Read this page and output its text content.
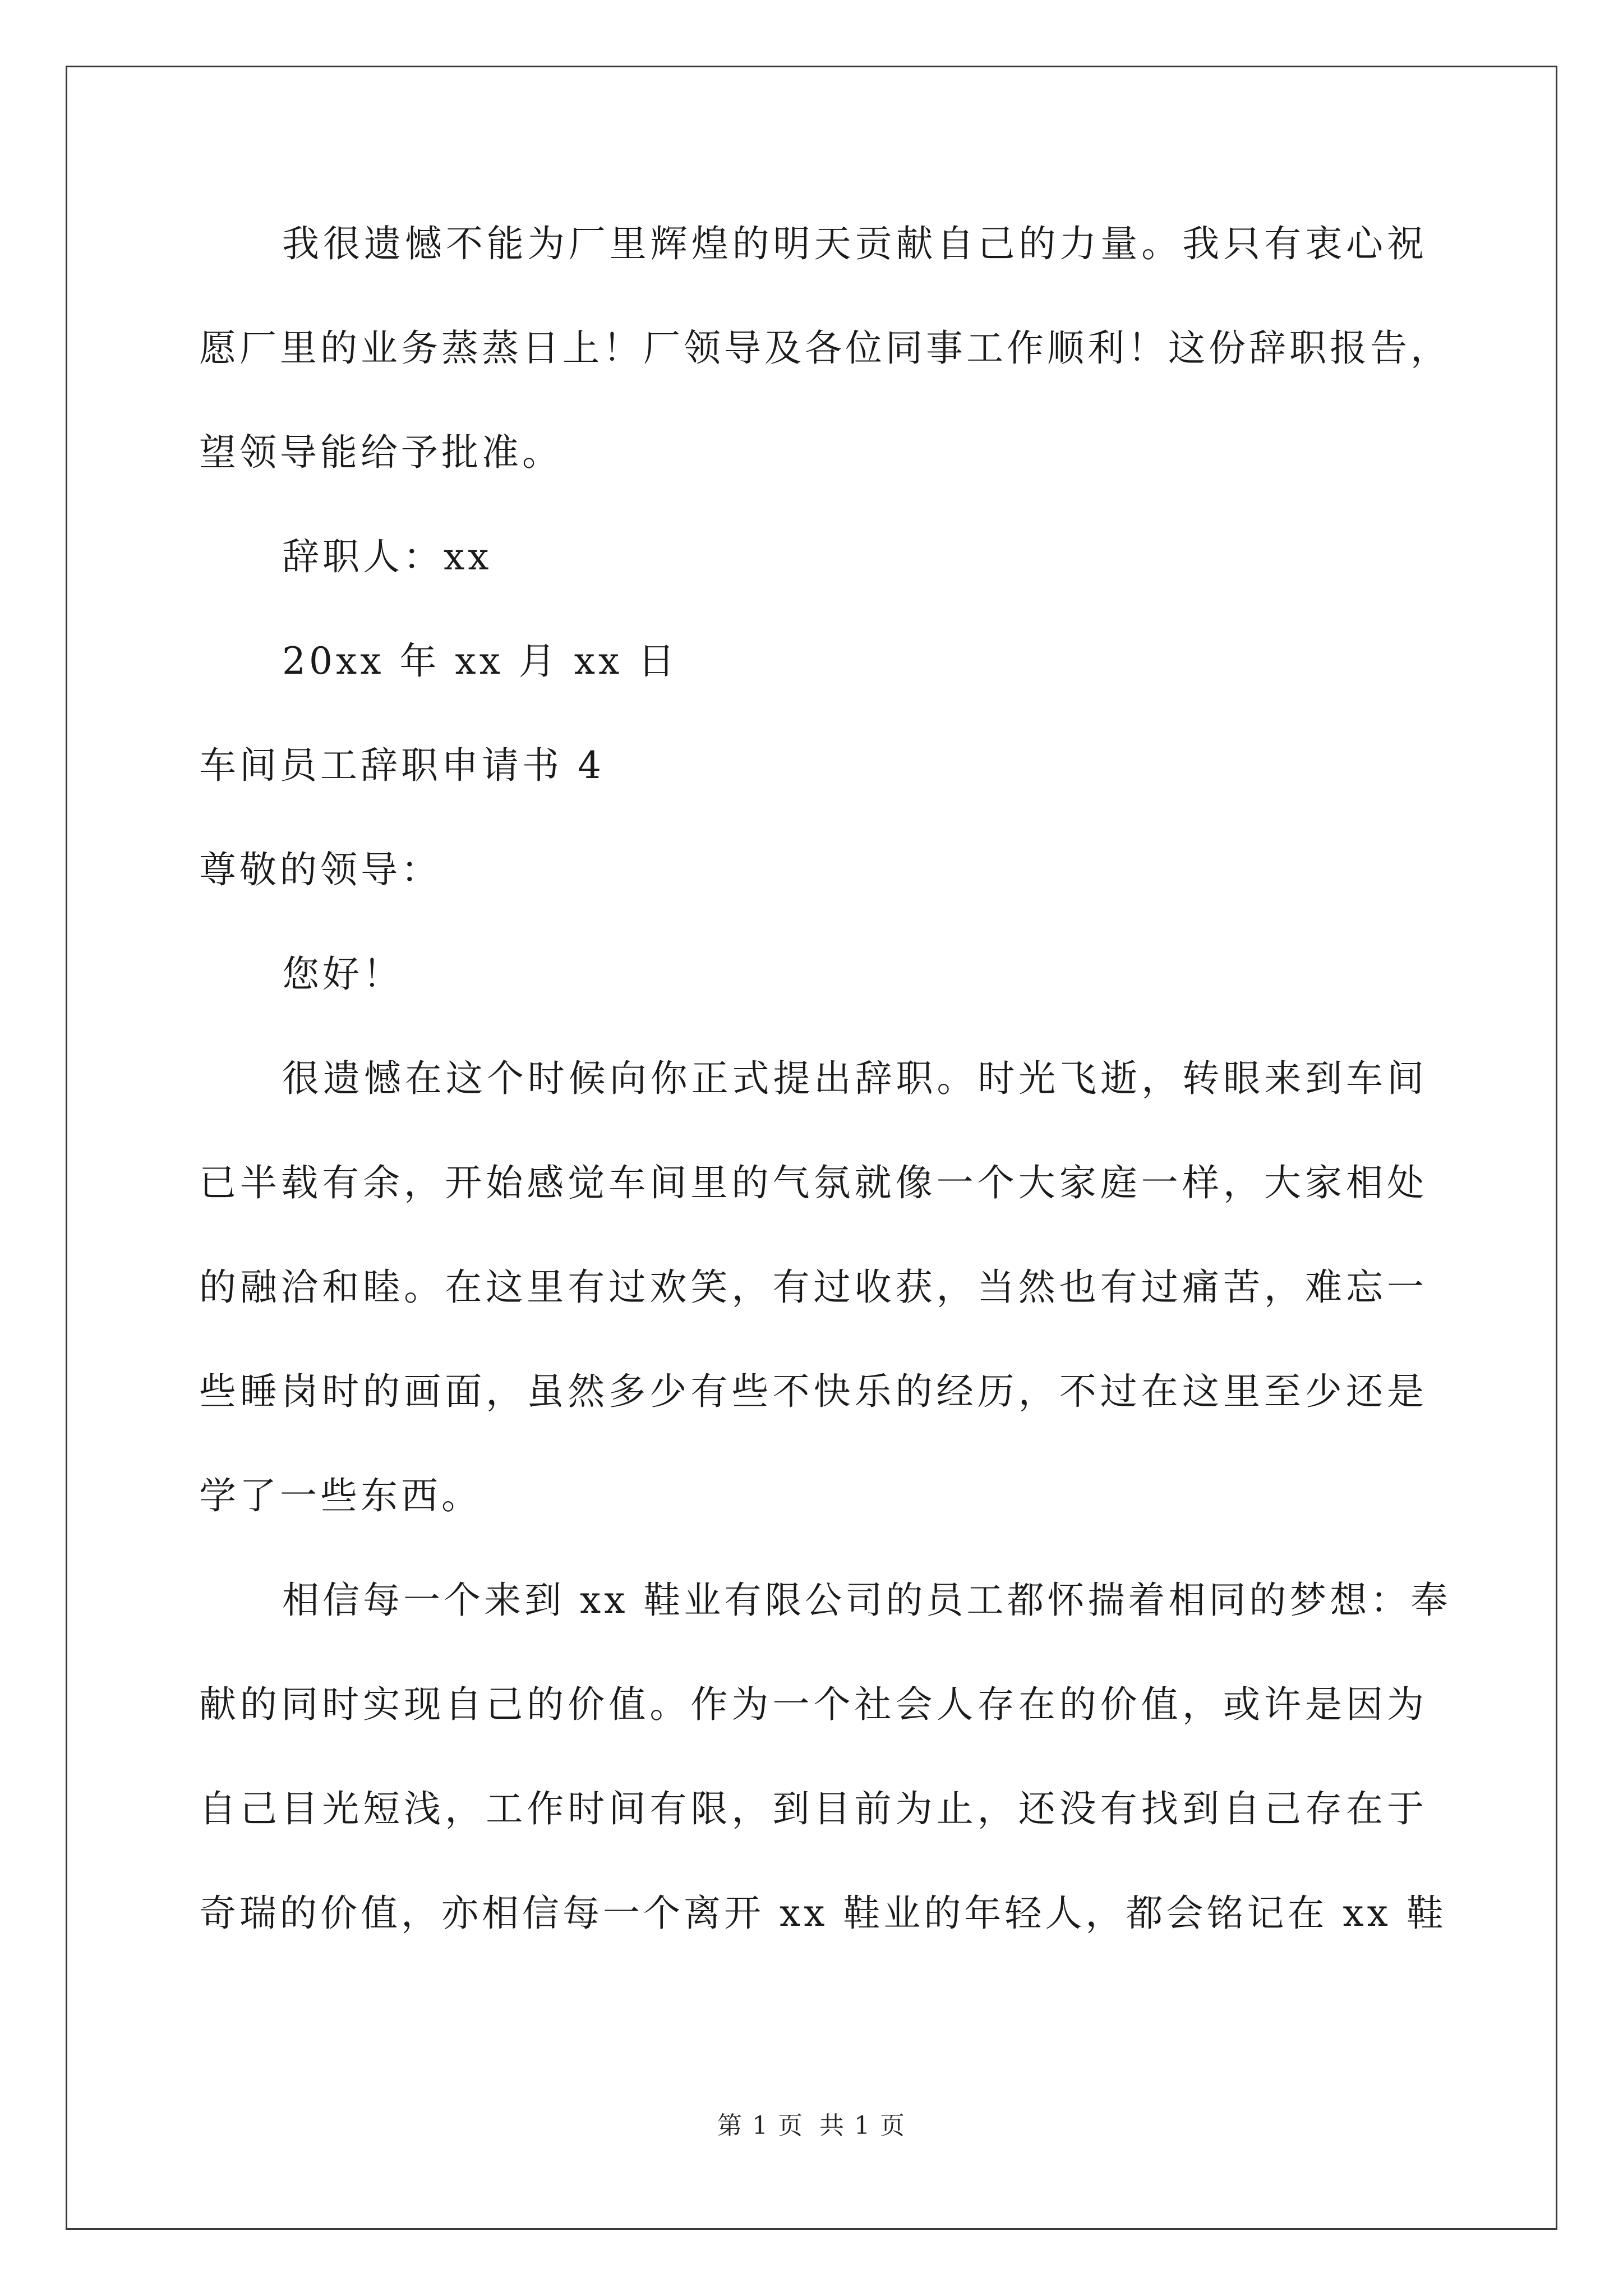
我很遗憾不能为厂里辉煌的明天贡献自己的力量。我只有衷心祝
愿厂里的业务蒸蒸日上！厂领导及各位同事工作顺利！这份辞职报告，
望领导能给予批准。
辞职人：xx
20xx 年 xx 月 xx 日
车间员工辞职申请书 4
尊敬的领导：
您好！
很遗憾在这个时候向你正式提出辞职。时光飞逝，转眼来到车间
已半载有余，开始感觉车间里的气氛就像一个大家庭一样，大家相处
的融洽和睦。在这里有过欢笑，有过收获，当然也有过痛苦，难忘一
些睡岗时的画面，虽然多少有些不快乐的经历，不过在这里至少还是
学了一些东西。
相信每一个来到 xx 鞋业有限公司的员工都怀揣着相同的梦想：奉
献的同时实现自己的价值。作为一个社会人存在的价值，或许是因为
自己目光短浅，工作时间有限，到目前为止，还没有找到自己存在于
奇瑞的价值，亦相信每一个离开 xx 鞋业的年轻人，都会铭记在 xx 鞋
第 1 页 共 1 页
